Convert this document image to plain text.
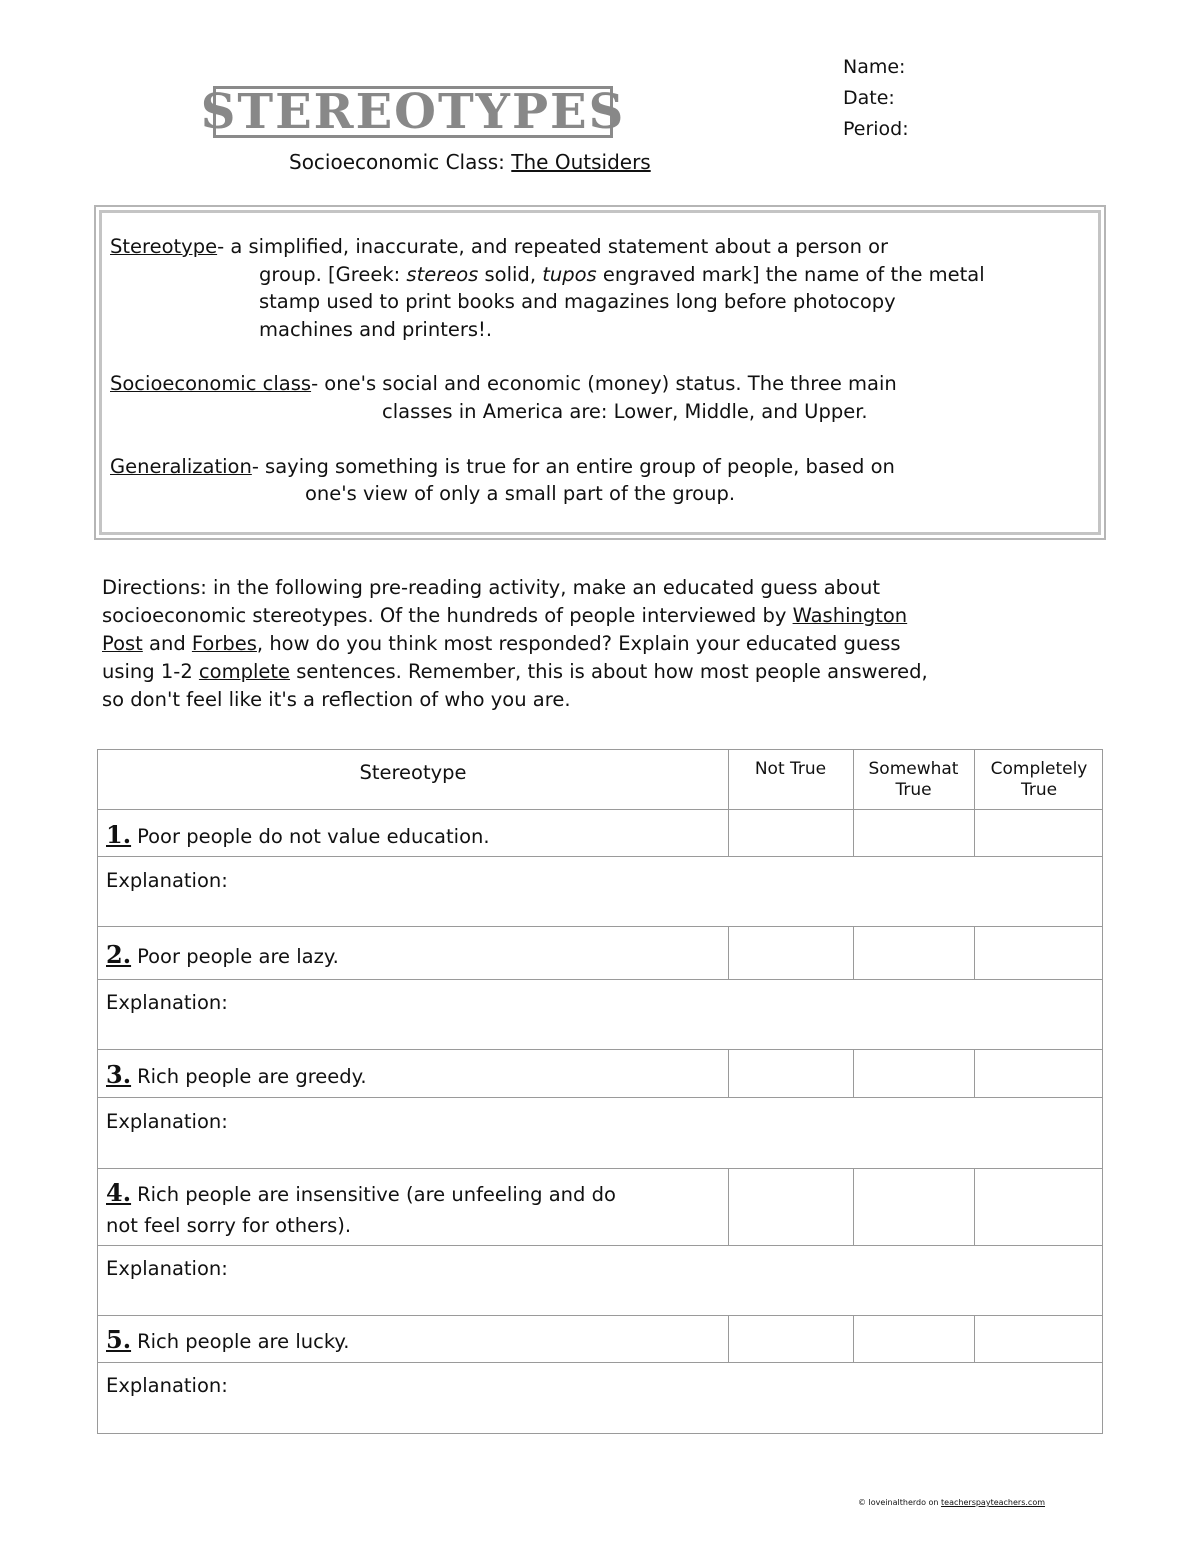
STEREOTYPES
Name:
Date:
Period:
Socioeconomic Class: The Outsiders
Stereotype- a simplified, inaccurate, and repeated statement about a person or
group. [Greek: stereos solid, tupos engraved mark] the name of the metal
stamp used to print books and magazines long before photocopy
machines and printers!.
Socioeconomic class- one's social and economic (money) status. The three main
classes in America are: Lower, Middle, and Upper.
Generalization- saying something is true for an entire group of people, based on
one's view of only a small part of the group.
Directions: in the following pre-reading activity, make an educated guess about
socioeconomic stereotypes. Of the hundreds of people interviewed by Washington
Post and Forbes, how do you think most responded? Explain your educated guess
using 1-2 complete sentences. Remember, this is about how most people answered,
so don't feel like it's a reflection of who you are.
Stereotype	Not True	Somewhat
True
Completely
True
1. Poor people do not value education.
2. Poor people are lazy.
3. Rich people are greedy.
4. Rich people are insensitive (are unfeeling and do
not feel sorry for others).
5. Rich people are lucky.
Explanation:
Explanation:
Explanation:
Explanation:
Explanation:
© loveinaltherdo on teacherspayteachers.com
